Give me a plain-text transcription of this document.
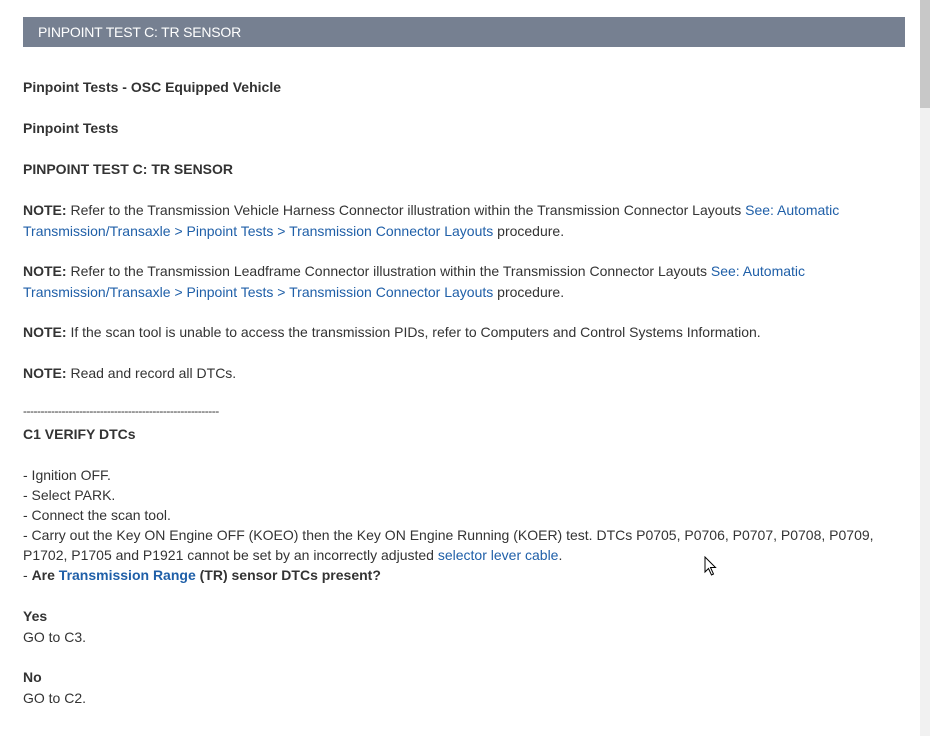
PINPOINT TEST C: TR SENSOR
Pinpoint Tests - OSC Equipped Vehicle
Pinpoint Tests
PINPOINT TEST C: TR SENSOR
NOTE: Refer to the Transmission Vehicle Harness Connector illustration within the Transmission Connector Layouts See: Automatic Transmission/Transaxle > Pinpoint Tests > Transmission Connector Layouts procedure.
NOTE: Refer to the Transmission Leadframe Connector illustration within the Transmission Connector Layouts See: Automatic Transmission/Transaxle > Pinpoint Tests > Transmission Connector Layouts procedure.
NOTE: If the scan tool is unable to access the transmission PIDs, refer to Computers and Control Systems Information.
NOTE: Read and record all DTCs.
--------------------------------------------------------
C1 VERIFY DTCs
- Ignition OFF.
- Select PARK.
- Connect the scan tool.
- Carry out the Key ON Engine OFF (KOEO) then the Key ON Engine Running (KOER) test. DTCs P0705, P0706, P0707, P0708, P0709, P1702, P1705 and P1921 cannot be set by an incorrectly adjusted selector lever cable.
- Are Transmission Range (TR) sensor DTCs present?
Yes
GO to C3.
No
GO to C2.
